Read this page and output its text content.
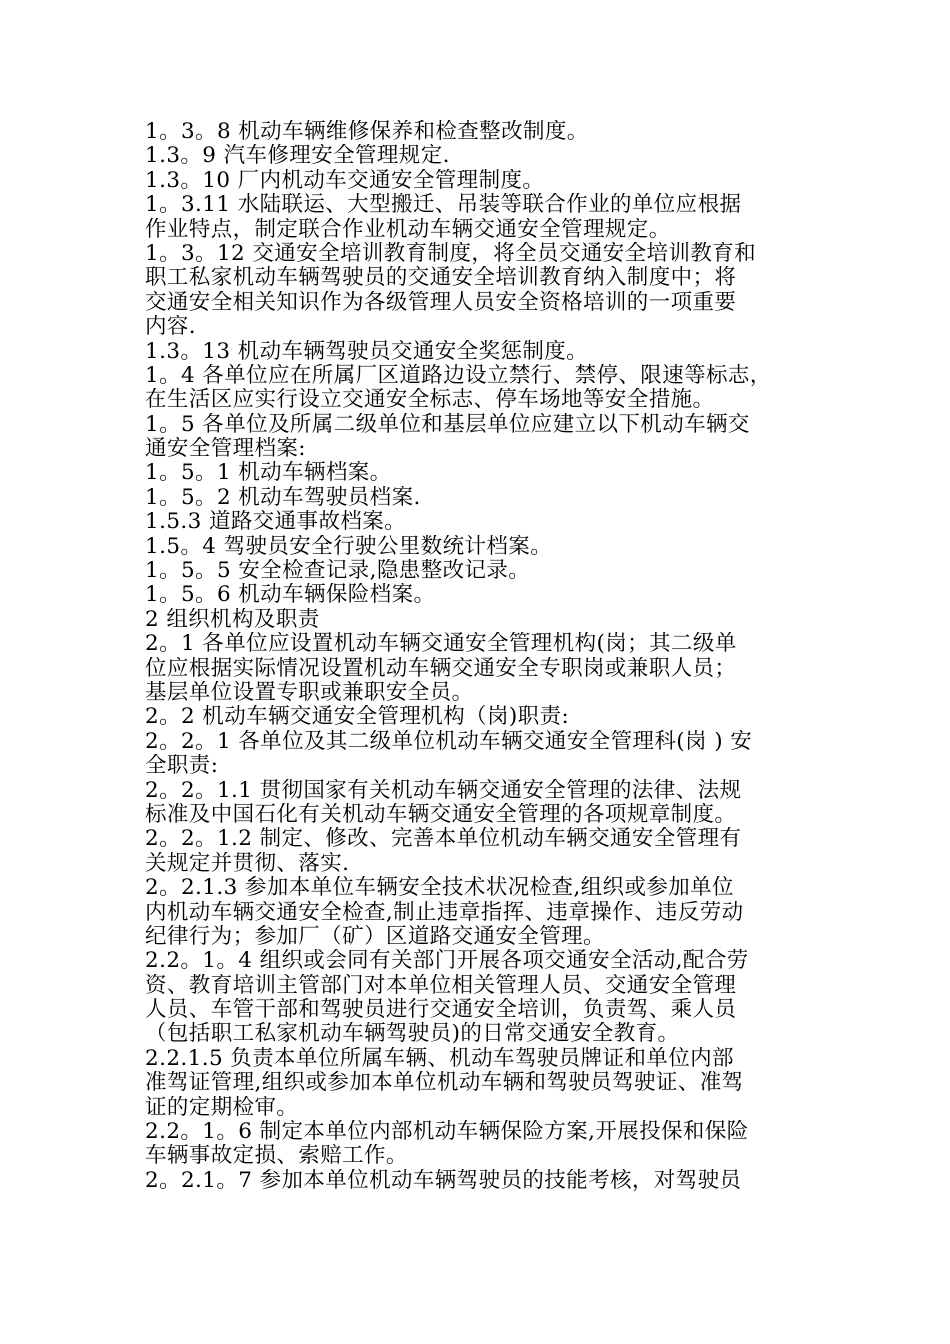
1。3。8 机动车辆维修保养和检查整改制度。
1.3。9 汽车修理安全管理规定.
1.3。10 厂内机动车交通安全管理制度。
1。3.11 水陆联运、大型搬迁、吊装等联合作业的单位应根据
作业特点，制定联合作业机动车辆交通安全管理规定。
1。3。12 交通安全培训教育制度，将全员交通安全培训教育和
职工私家机动车辆驾驶员的交通安全培训教育纳入制度中；将
交通安全相关知识作为各级管理人员安全资格培训的一项重要
内容.
1.3。13 机动车辆驾驶员交通安全奖惩制度。
1。4 各单位应在所属厂区道路边设立禁行、禁停、限速等标志，
在生活区应实行设立交通安全标志、停车场地等安全措施。
1。5 各单位及所属二级单位和基层单位应建立以下机动车辆交
通安全管理档案:
1。5。1 机动车辆档案。
1。5。2 机动车驾驶员档案.
1.5.3 道路交通事故档案。
1.5。4 驾驶员安全行驶公里数统计档案。
1。5。5 安全检查记录,隐患整改记录。
1。5。6 机动车辆保险档案。
2 组织机构及职责
2。1 各单位应设置机动车辆交通安全管理机构(岗；其二级单
位应根据实际情况设置机动车辆交通安全专职岗或兼职人员；
基层单位设置专职或兼职安全员。
2。2 机动车辆交通安全管理机构（岗)职责:
2。2。1 各单位及其二级单位机动车辆交通安全管理科(岗 ) 安
全职责:
2。2。1.1 贯彻国家有关机动车辆交通安全管理的法律、法规
标准及中国石化有关机动车辆交通安全管理的各项规章制度。
2。2。1.2 制定、修改、完善本单位机动车辆交通安全管理有
关规定并贯彻、落实.
2。2.1.3 参加本单位车辆安全技术状况检查,组织或参加单位
内机动车辆交通安全检查,制止违章指挥、违章操作、违反劳动
纪律行为；参加厂（矿）区道路交通安全管理。
2.2。1。4 组织或会同有关部门开展各项交通安全活动,配合劳
资、教育培训主管部门对本单位相关管理人员、交通安全管理
人员、车管干部和驾驶员进行交通安全培训，负责驾、乘人员
（包括职工私家机动车辆驾驶员)的日常交通安全教育。
2.2.1.5 负责本单位所属车辆、机动车驾驶员牌证和单位内部
准驾证管理,组织或参加本单位机动车辆和驾驶员驾驶证、准驾
证的定期检审。
2.2。1。6 制定本单位内部机动车辆保险方案,开展投保和保险
车辆事故定损、索赔工作。
2。2.1。7 参加本单位机动车辆驾驶员的技能考核，对驾驶员
